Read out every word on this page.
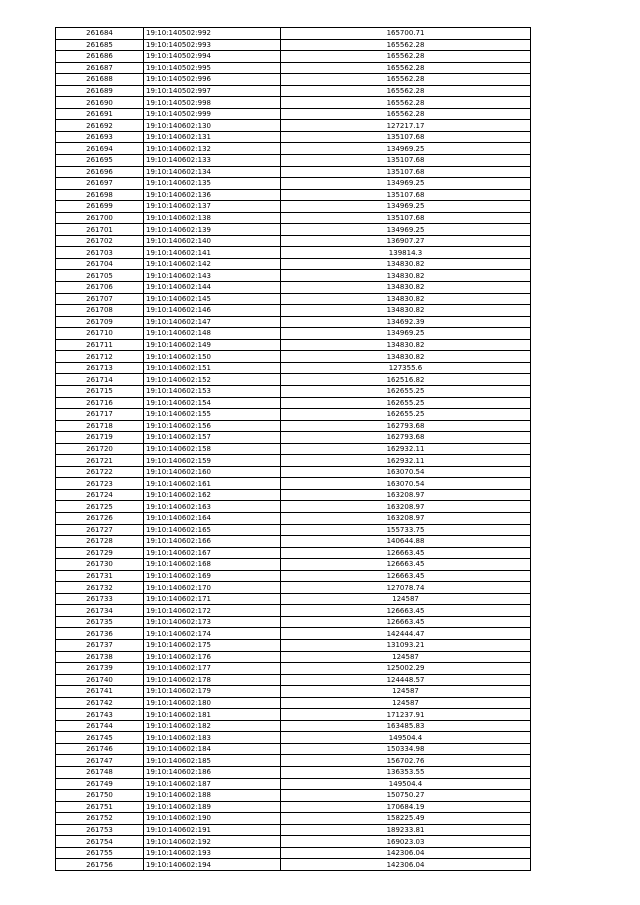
261684	19:10:140502:992	165700.71
261685	19:10:140502:993	165562.28
261686	19:10:140502:994	165562.28
261687	19:10:140502:995	165562.28
261688	19:10:140502:996	165562.28
261689	19:10:140502:997	165562.28
261690	19:10:140502:998	165562.28
261691	19:10:140502:999	165562.28
261692	19:10:140602:130	127217.17
261693	19:10:140602:131	135107.68
261694	19:10:140602:132	134969.25
261695	19:10:140602:133	135107.68
261696	19:10:140602:134	135107.68
261697	19:10:140602:135	134969.25
261698	19:10:140602:136	135107.68
261699	19:10:140602:137	134969.25
261700	19:10:140602:138	135107.68
261701	19:10:140602:139	134969.25
261702	19:10:140602:140	136907.27
261703	19:10:140602:141	139814.3
261704	19:10:140602:142	134830.82
261705	19:10:140602:143	134830.82
261706	19:10:140602:144	134830.82
261707	19:10:140602:145	134830.82
261708	19:10:140602:146	134830.82
261709	19:10:140602:147	134692.39
261710	19:10:140602:148	134969.25
261711	19:10:140602:149	134830.82
261712	19:10:140602:150	134830.82
261713	19:10:140602:151	127355.6
261714	19:10:140602:152	162516.82
261715	19:10:140602:153	162655.25
261716	19:10:140602:154	162655.25
261717	19:10:140602:155	162655.25
261718	19:10:140602:156	162793.68
261719	19:10:140602:157	162793.68
261720	19:10:140602:158	162932.11
261721	19:10:140602:159	162932.11
261722	19:10:140602:160	163070.54
261723	19:10:140602:161	163070.54
261724	19:10:140602:162	163208.97
261725	19:10:140602:163	163208.97
261726	19:10:140602:164	163208.97
261727	19:10:140602:165	155733.75
261728	19:10:140602:166	140644.88
261729	19:10:140602:167	126663.45
261730	19:10:140602:168	126663.45
261731	19:10:140602:169	126663.45
261732	19:10:140602:170	127078.74
261733	19:10:140602:171	124587
261734	19:10:140602:172	126663.45
261735	19:10:140602:173	126663.45
261736	19:10:140602:174	142444.47
261737	19:10:140602:175	131093.21
261738	19:10:140602:176	124587
261739	19:10:140602:177	125002.29
261740	19:10:140602:178	124448.57
261741	19:10:140602:179	124587
261742	19:10:140602:180	124587
261743	19:10:140602:181	171237.91
261744	19:10:140602:182	163485.83
261745	19:10:140602:183	149504.4
261746	19:10:140602:184	150334.98
261747	19:10:140602:185	156702.76
261748	19:10:140602:186	136353.55
261749	19:10:140602:187	149504.4
261750	19:10:140602:188	150750.27
261751	19:10:140602:189	170684.19
261752	19:10:140602:190	158225.49
261753	19:10:140602:191	189233.81
261754	19:10:140602:192	169023.03
261755	19:10:140602:193	142306.04
261756	19:10:140602:194	142306.04
